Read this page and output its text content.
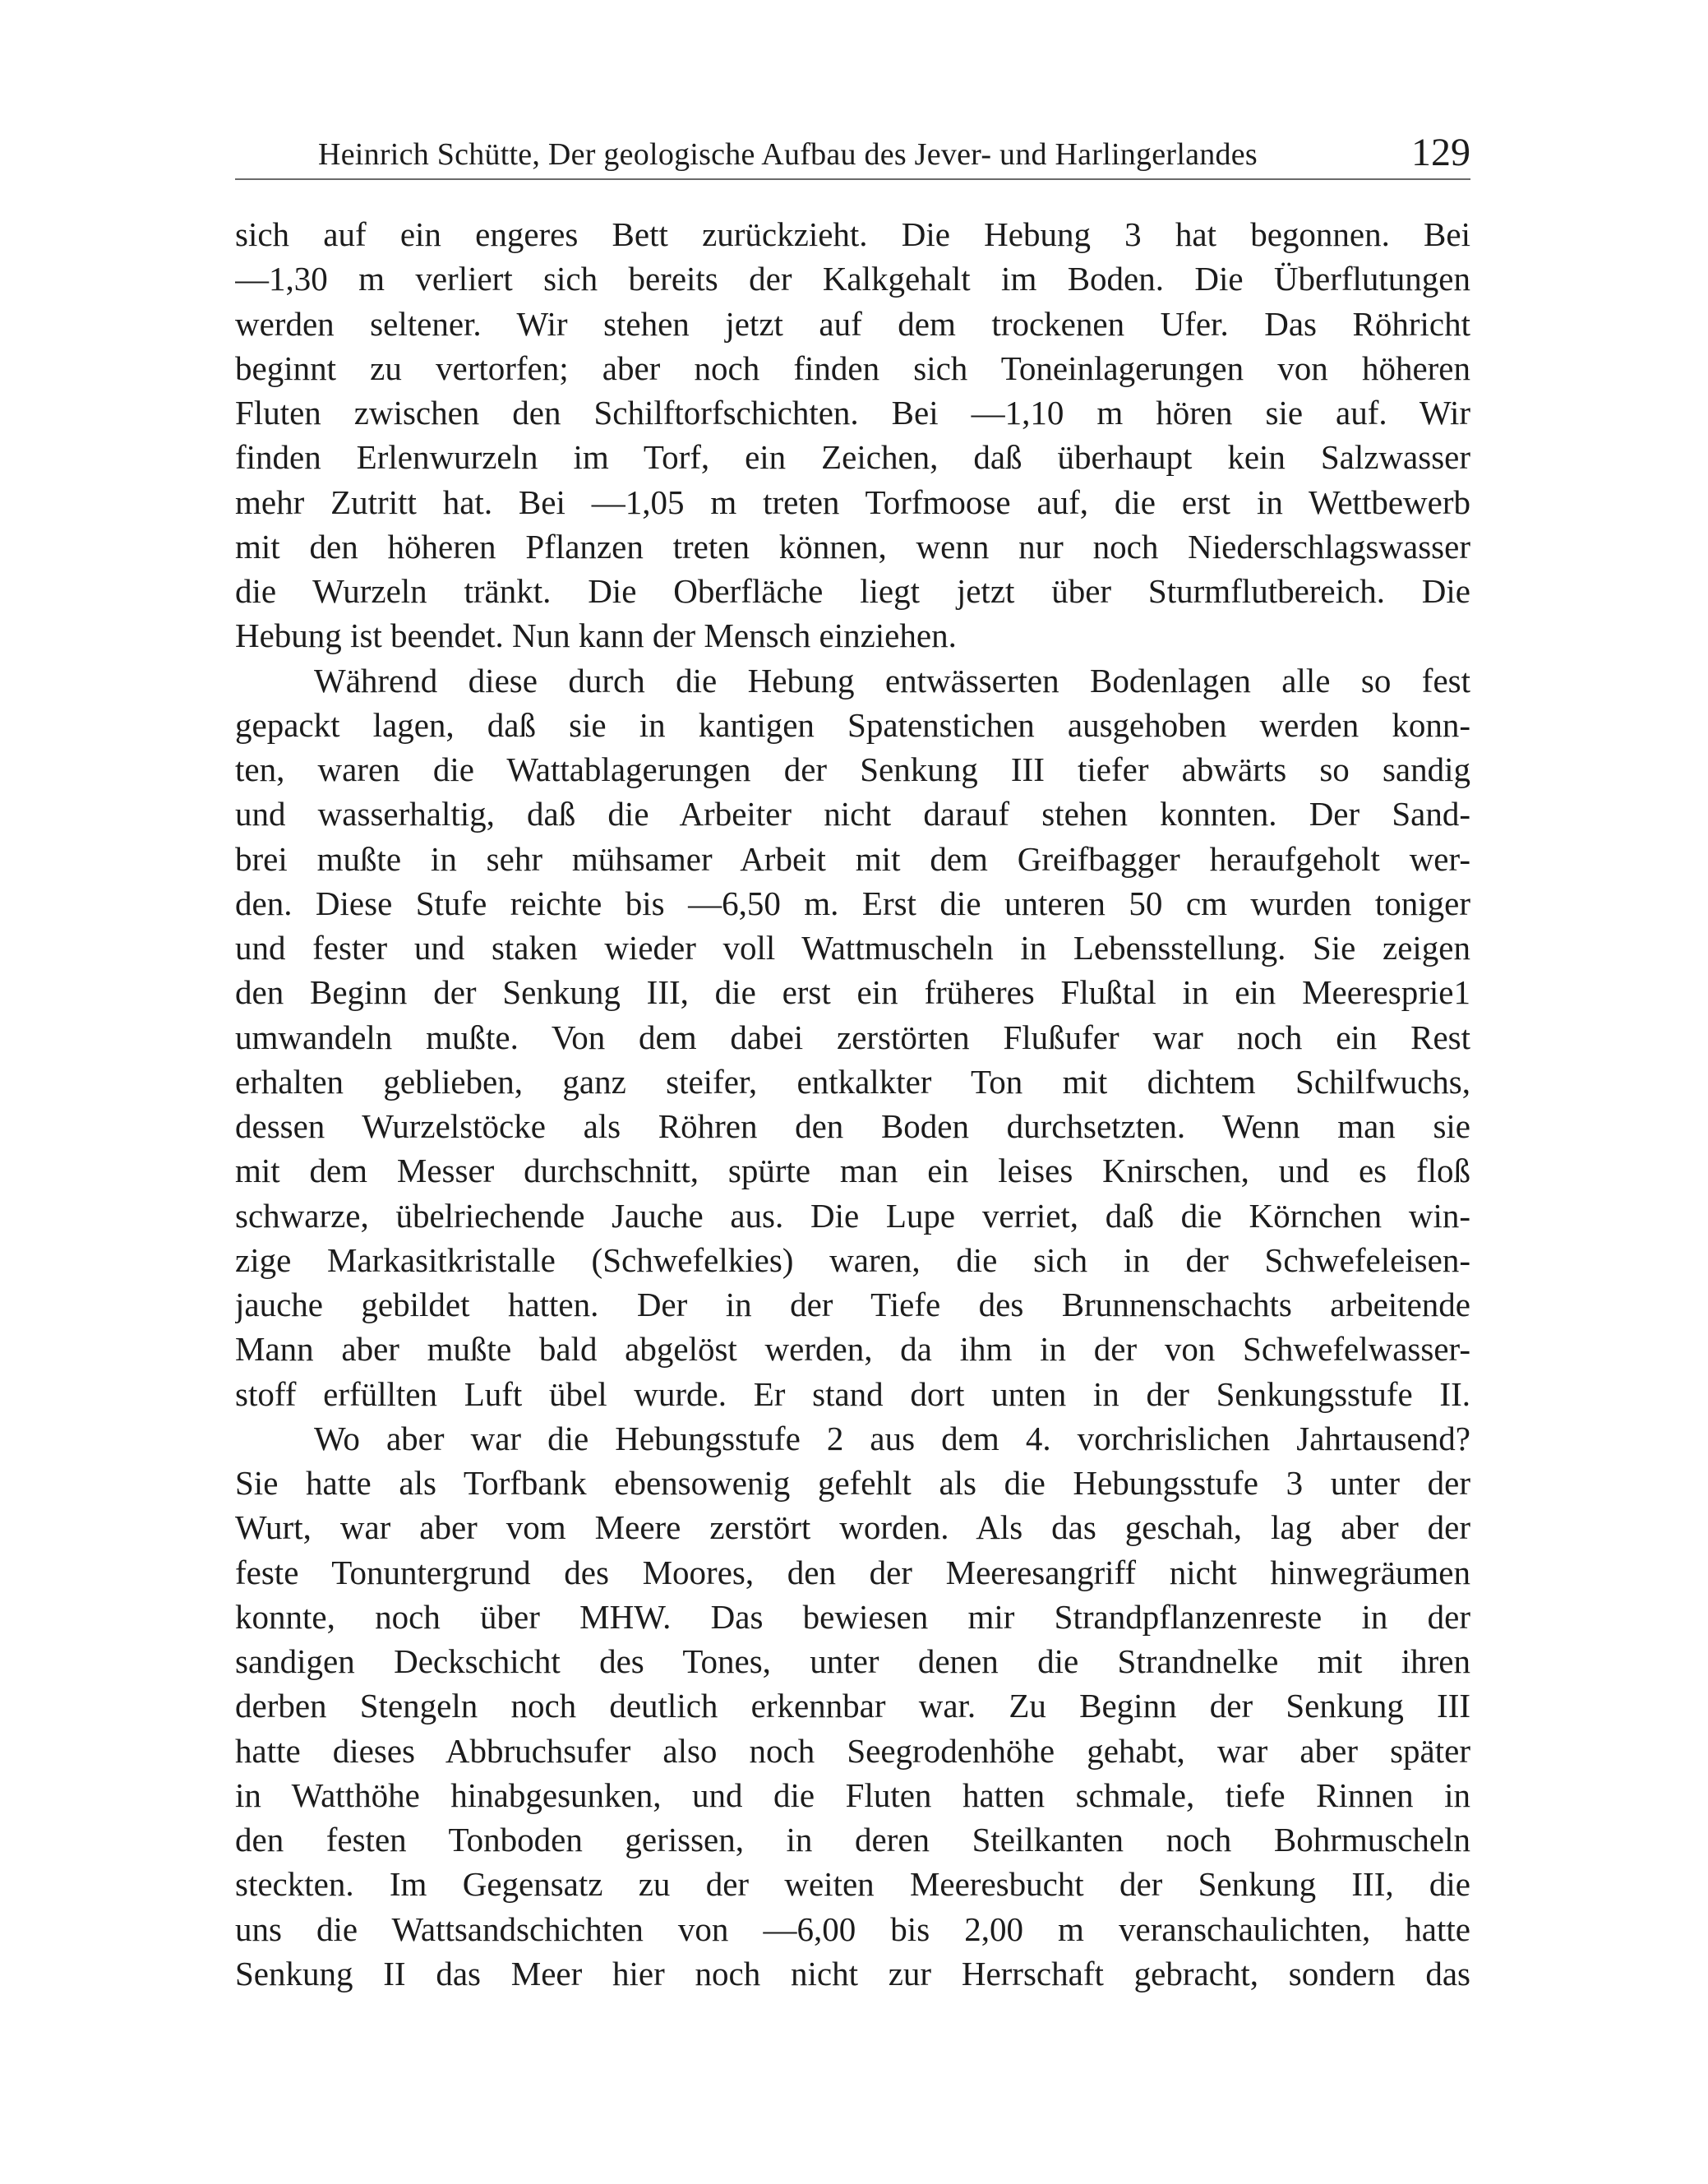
Heinrich Schütte, Der geologische Aufbau des Jever- und Harlingerlandes	129
sich auf ein engeres Bett zurückzieht. Die Hebung 3 hat begonnen. Bei
—1,30 m verliert sich bereits der Kalkgehalt im Boden. Die Überflutungen
werden seltener. Wir stehen jetzt auf dem trockenen Ufer. Das Röhricht
beginnt zu vertorfen; aber noch finden sich Toneinlagerungen von höheren
Fluten zwischen den Schilftorfschichten. Bei —1,10 m hören sie auf. Wir
finden Erlenwurzeln im Torf, ein Zeichen, daß überhaupt kein Salzwasser
mehr Zutritt hat. Bei —1,05 m treten Torfmoose auf, die erst in Wettbewerb
mit den höheren Pflanzen treten können, wenn nur noch Niederschlagswasser
die Wurzeln tränkt. Die Oberfläche liegt jetzt über Sturmflutbereich. Die
Hebung ist beendet. Nun kann der Mensch einziehen.
Während diese durch die Hebung entwässerten Bodenlagen alle so fest
gepackt lagen, daß sie in kantigen Spatenstichen ausgehoben werden konn-
ten, waren die Wattablagerungen der Senkung III tiefer abwärts so sandig
und wasserhaltig, daß die Arbeiter nicht darauf stehen konnten. Der Sand-
brei mußte in sehr mühsamer Arbeit mit dem Greifbagger heraufgeholt wer-
den. Diese Stufe reichte bis —6,50 m. Erst die unteren 50 cm wurden toniger
und fester und staken wieder voll Wattmuscheln in Lebensstellung. Sie zeigen
den Beginn der Senkung III, die erst ein früheres Flußtal in ein Meeresprie1
umwandeln mußte. Von dem dabei zerstörten Flußufer war noch ein Rest
erhalten geblieben, ganz steifer, entkalkter Ton mit dichtem Schilfwuchs,
dessen Wurzelstöcke als Röhren den Boden durchsetzten. Wenn man sie
mit dem Messer durchschnitt, spürte man ein leises Knirschen, und es floß
schwarze, übelriechende Jauche aus. Die Lupe verriet, daß die Körnchen win-
zige Markasitkristalle (Schwefelkies) waren, die sich in der Schwefeleisen-
jauche gebildet hatten. Der in der Tiefe des Brunnenschachts arbeitende
Mann aber mußte bald abgelöst werden, da ihm in der von Schwefelwasser-
stoff erfüllten Luft übel wurde. Er stand dort unten in der Senkungsstufe II.
Wo aber war die Hebungsstufe 2 aus dem 4. vorchrislichen Jahrtausend?
Sie hatte als Torfbank ebensowenig gefehlt als die Hebungsstufe 3 unter der
Wurt, war aber vom Meere zerstört worden. Als das geschah, lag aber der
feste Tonuntergrund des Moores, den der Meeresangriff nicht hinwegräumen
konnte, noch über MHW. Das bewiesen mir Strandpflanzenreste in der
sandigen Deckschicht des Tones, unter denen die Strandnelke mit ihren
derben Stengeln noch deutlich erkennbar war. Zu Beginn der Senkung III
hatte dieses Abbruchsufer also noch Seegrodenhöhe gehabt, war aber später
in Watthöhe hinabgesunken, und die Fluten hatten schmale, tiefe Rinnen in
den festen Tonboden gerissen, in deren Steilkanten noch Bohrmuscheln
steckten. Im Gegensatz zu der weiten Meeresbucht der Senkung III, die
uns die Wattsandschichten von —6,00 bis 2,00 m veranschaulichten, hatte
Senkung II das Meer hier noch nicht zur Herrschaft gebracht, sondern das
